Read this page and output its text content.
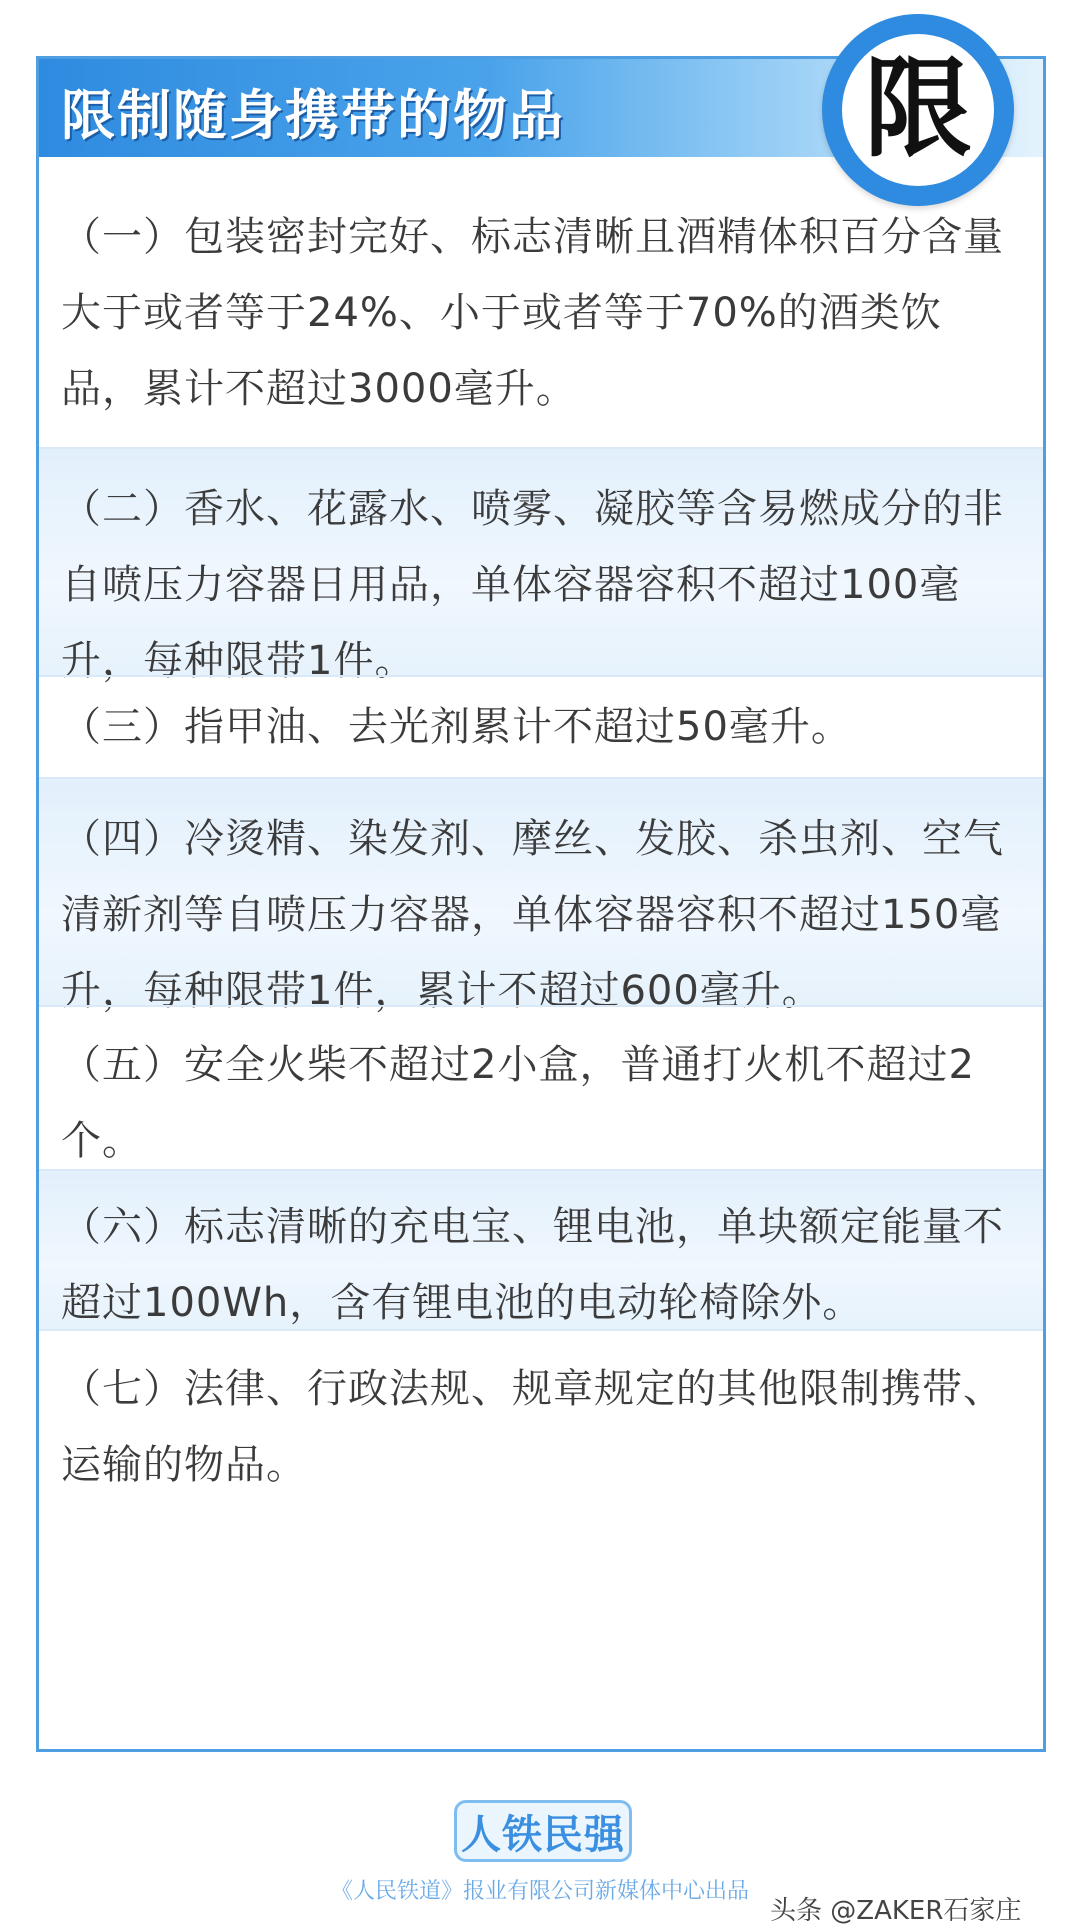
限制随身携带的物品
（一）包装密封完好、标志清晰且酒精体积百分含量大于或者等于24%、小于或者等于70%的酒类饮品，累计不超过3000毫升。
（二）香水、花露水、喷雾、凝胶等含易燃成分的非自喷压力容器日用品，单体容器容积不超过100毫升，每种限带1件。
（三）指甲油、去光剂累计不超过50毫升。
（四）冷烫精、染发剂、摩丝、发胶、杀虫剂、空气清新剂等自喷压力容器，单体容器容积不超过150毫升，每种限带1件，累计不超过600毫升。
（五）安全火柴不超过2小盒，普通打火机不超过2个。
（六）标志清晰的充电宝、锂电池，单块额定能量不超过100Wh，含有锂电池的电动轮椅除外。
（七）法律、行政法规、规章规定的其他限制携带、运输的物品。
限
人铁民强
《人民铁道》报业有限公司新媒体中心出品
头条 @ZAKER石家庄
